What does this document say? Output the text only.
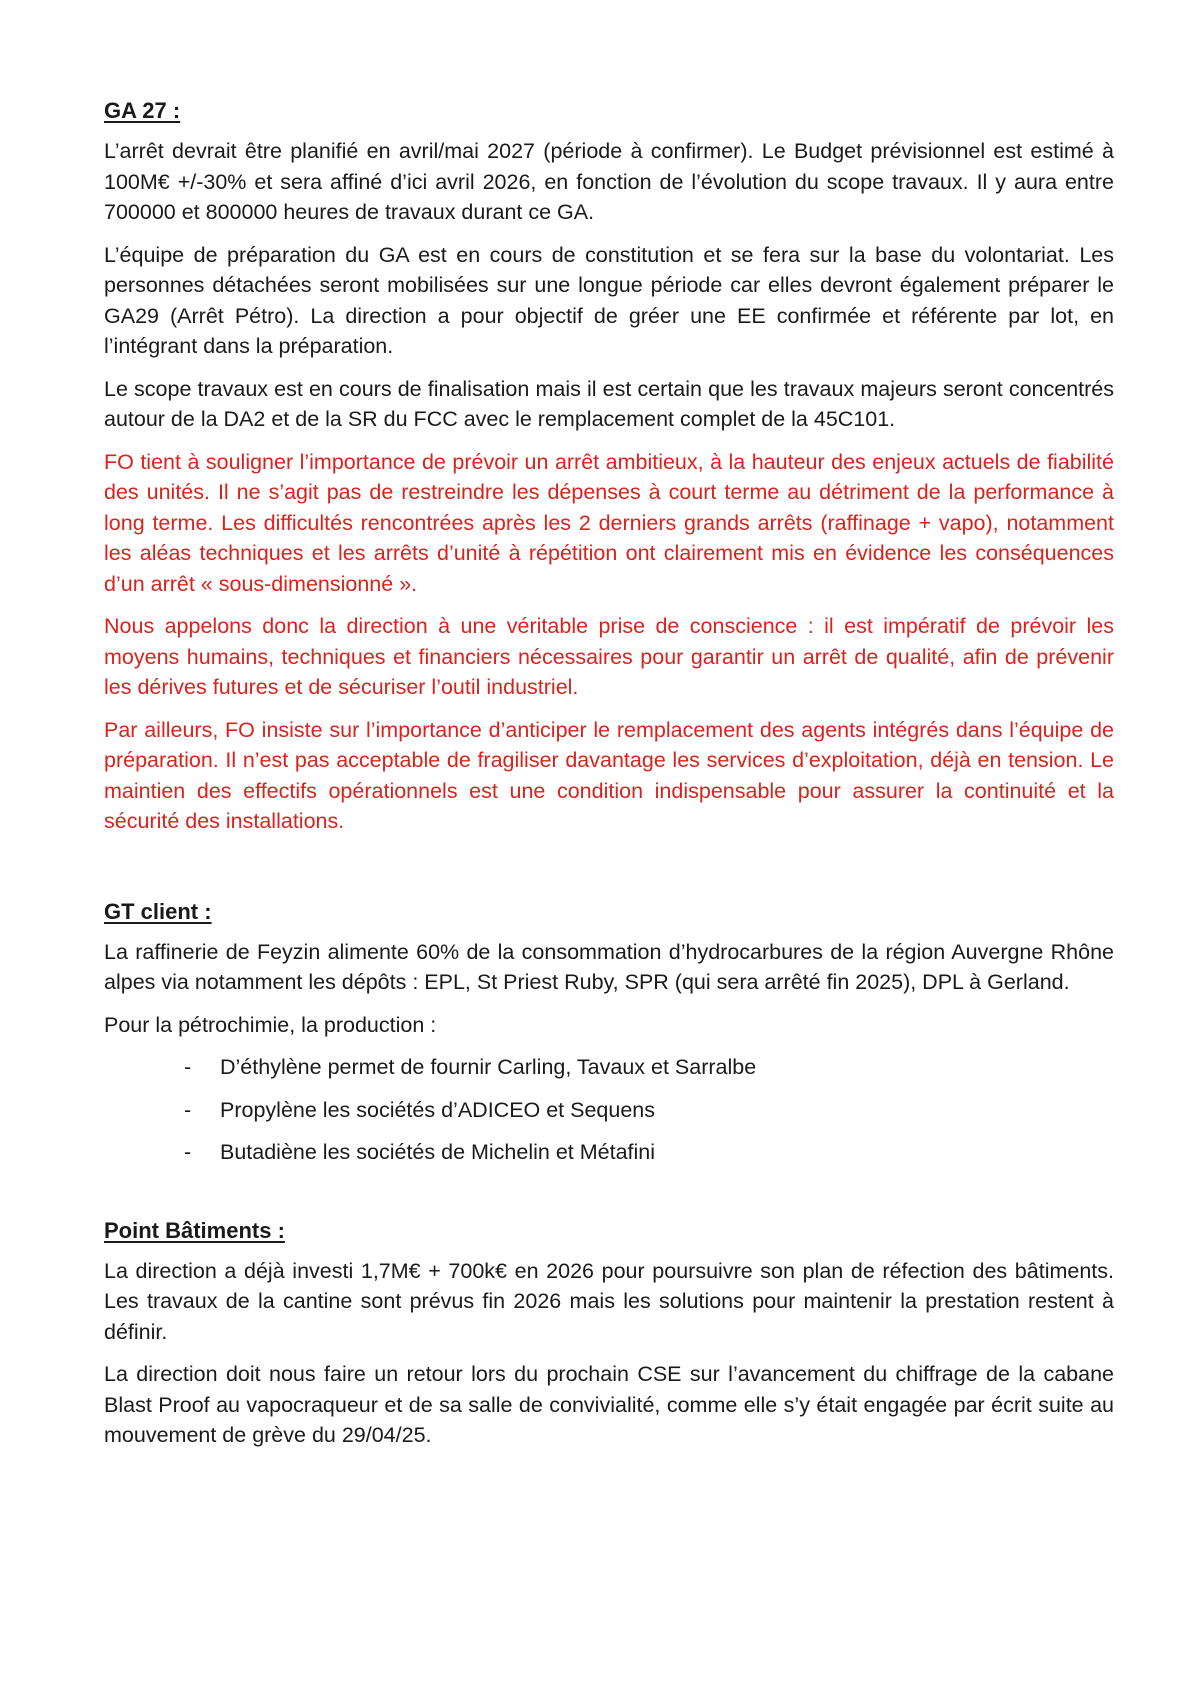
GA 27 :

L’arrêt devrait être planifié en avril/mai 2027 (période à confirmer). Le Budget prévisionnel est estimé à 100M€ +/-30% et sera affiné d’ici avril 2026, en fonction de l’évolution du scope travaux. Il y aura entre 700000 et 800000 heures de travaux durant ce GA.

L’équipe de préparation du GA est en cours de constitution et se fera sur la base du volontariat. Les personnes détachées seront mobilisées sur une longue période car elles devront également préparer le GA29 (Arrêt Pétro). La direction a pour objectif de gréer une EE confirmée et référente par lot, en l’intégrant dans la préparation.

Le scope travaux est en cours de finalisation mais il est certain que les travaux majeurs seront concentrés autour de la DA2 et de la SR du FCC avec le remplacement complet de la 45C101.

FO tient à souligner l’importance de prévoir un arrêt ambitieux, à la hauteur des enjeux actuels de fiabilité des unités. Il ne s’agit pas de restreindre les dépenses à court terme au détriment de la performance à long terme. Les difficultés rencontrées après les 2 derniers grands arrêts (raffinage + vapo), notamment les aléas techniques et les arrêts d’unité à répétition ont clairement mis en évidence les conséquences d’un arrêt « sous-dimensionné ».

Nous appelons donc la direction à une véritable prise de conscience : il est impératif de prévoir les moyens humains, techniques et financiers nécessaires pour garantir un arrêt de qualité, afin de prévenir les dérives futures et de sécuriser l’outil industriel.

Par ailleurs, FO insiste sur l’importance d’anticiper le remplacement des agents intégrés dans l’équipe de préparation. Il n’est pas acceptable de fragiliser davantage les services d’exploitation, déjà en tension. Le maintien des effectifs opérationnels est une condition indispensable pour assurer la continuité et la sécurité des installations.

GT client :

La raffinerie de Feyzin alimente 60% de la consommation d’hydrocarbures de la région Auvergne Rhône alpes via notamment les dépôts : EPL, St Priest Ruby, SPR (qui sera arrêté fin 2025), DPL à Gerland.

Pour la pétrochimie, la production :

- D’éthylène permet de fournir Carling, Tavaux et Sarralbe
- Propylène les sociétés d’ADICEO et Sequens
- Butadiène les sociétés de Michelin et Métafini
Point Bâtiments :

La direction a déjà investi 1,7M€ + 700k€ en 2026 pour poursuivre son plan de réfection des bâtiments. Les travaux de la cantine sont prévus fin 2026 mais les solutions pour maintenir la prestation restent à définir.

La direction doit nous faire un retour lors du prochain CSE sur l’avancement du chiffrage de la cabane Blast Proof au vapocraqueur et de sa salle de convivialité, comme elle s’y était engagée par écrit suite au mouvement de grève du 29/04/25.
